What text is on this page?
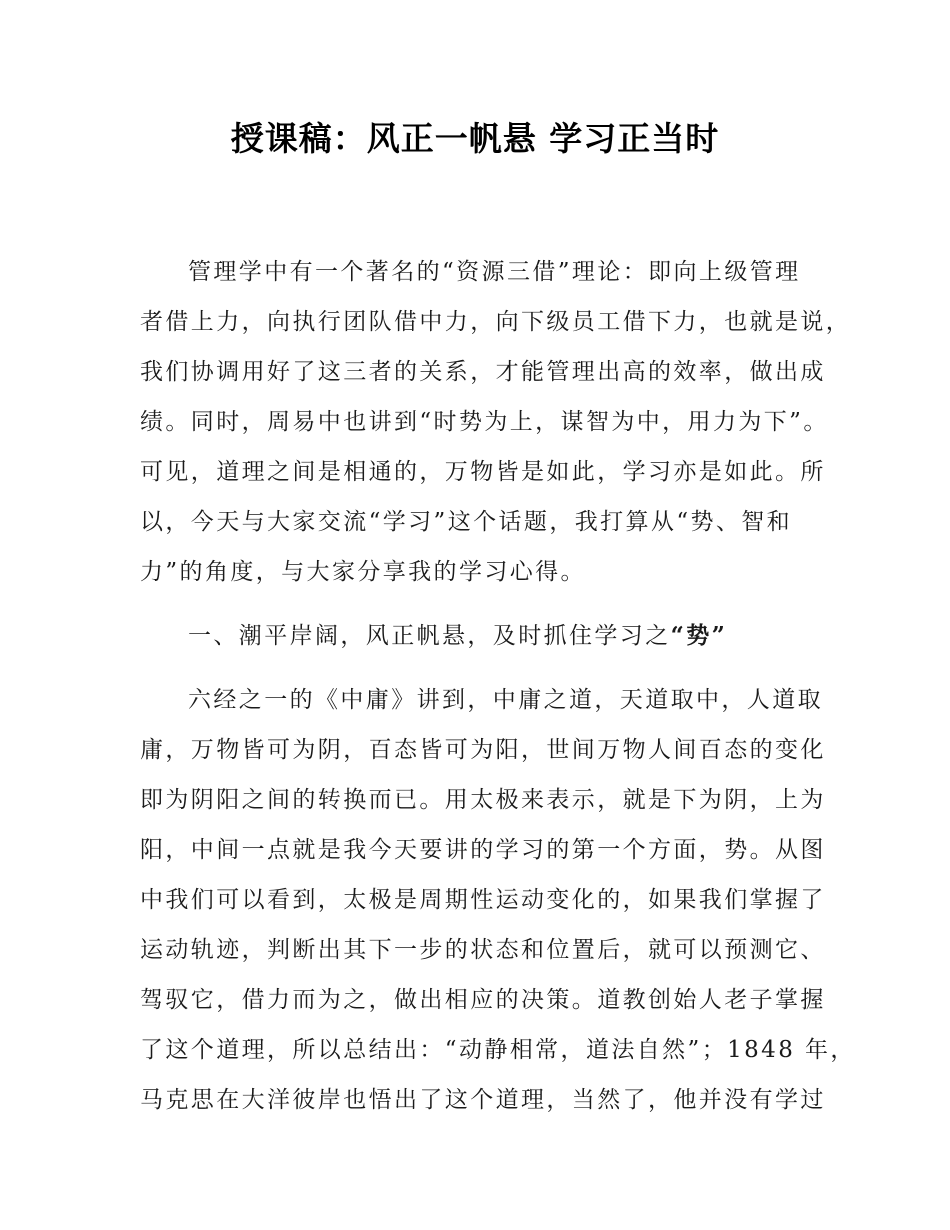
授课稿：风正一帆悬 学习正当时
管理学中有一个著名的“资源三借”理论：即向上级管理
者借上力，向执行团队借中力，向下级员工借下力，也就是说，
我们协调用好了这三者的关系，才能管理出高的效率，做出成
绩。同时，周易中也讲到“时势为上，谋智为中，用力为下”。
可见，道理之间是相通的，万物皆是如此，学习亦是如此。所
以，今天与大家交流“学习”这个话题，我打算从“势、智和
力”的角度，与大家分享我的学习心得。
一、潮平岸阔，风正帆悬，及时抓住学习之“势”
六经之一的《中庸》讲到，中庸之道，天道取中，人道取
庸，万物皆可为阴，百态皆可为阳，世间万物人间百态的变化
即为阴阳之间的转换而已。用太极来表示，就是下为阴，上为
阳，中间一点就是我今天要讲的学习的第一个方面，势。从图
中我们可以看到，太极是周期性运动变化的，如果我们掌握了
运动轨迹，判断出其下一步的状态和位置后，就可以预测它、
驾驭它，借力而为之，做出相应的决策。道教创始人老子掌握
了这个道理，所以总结出：“动静相常，道法自然”；1848 年，
马克思在大洋彼岸也悟出了这个道理，当然了，他并没有学过
